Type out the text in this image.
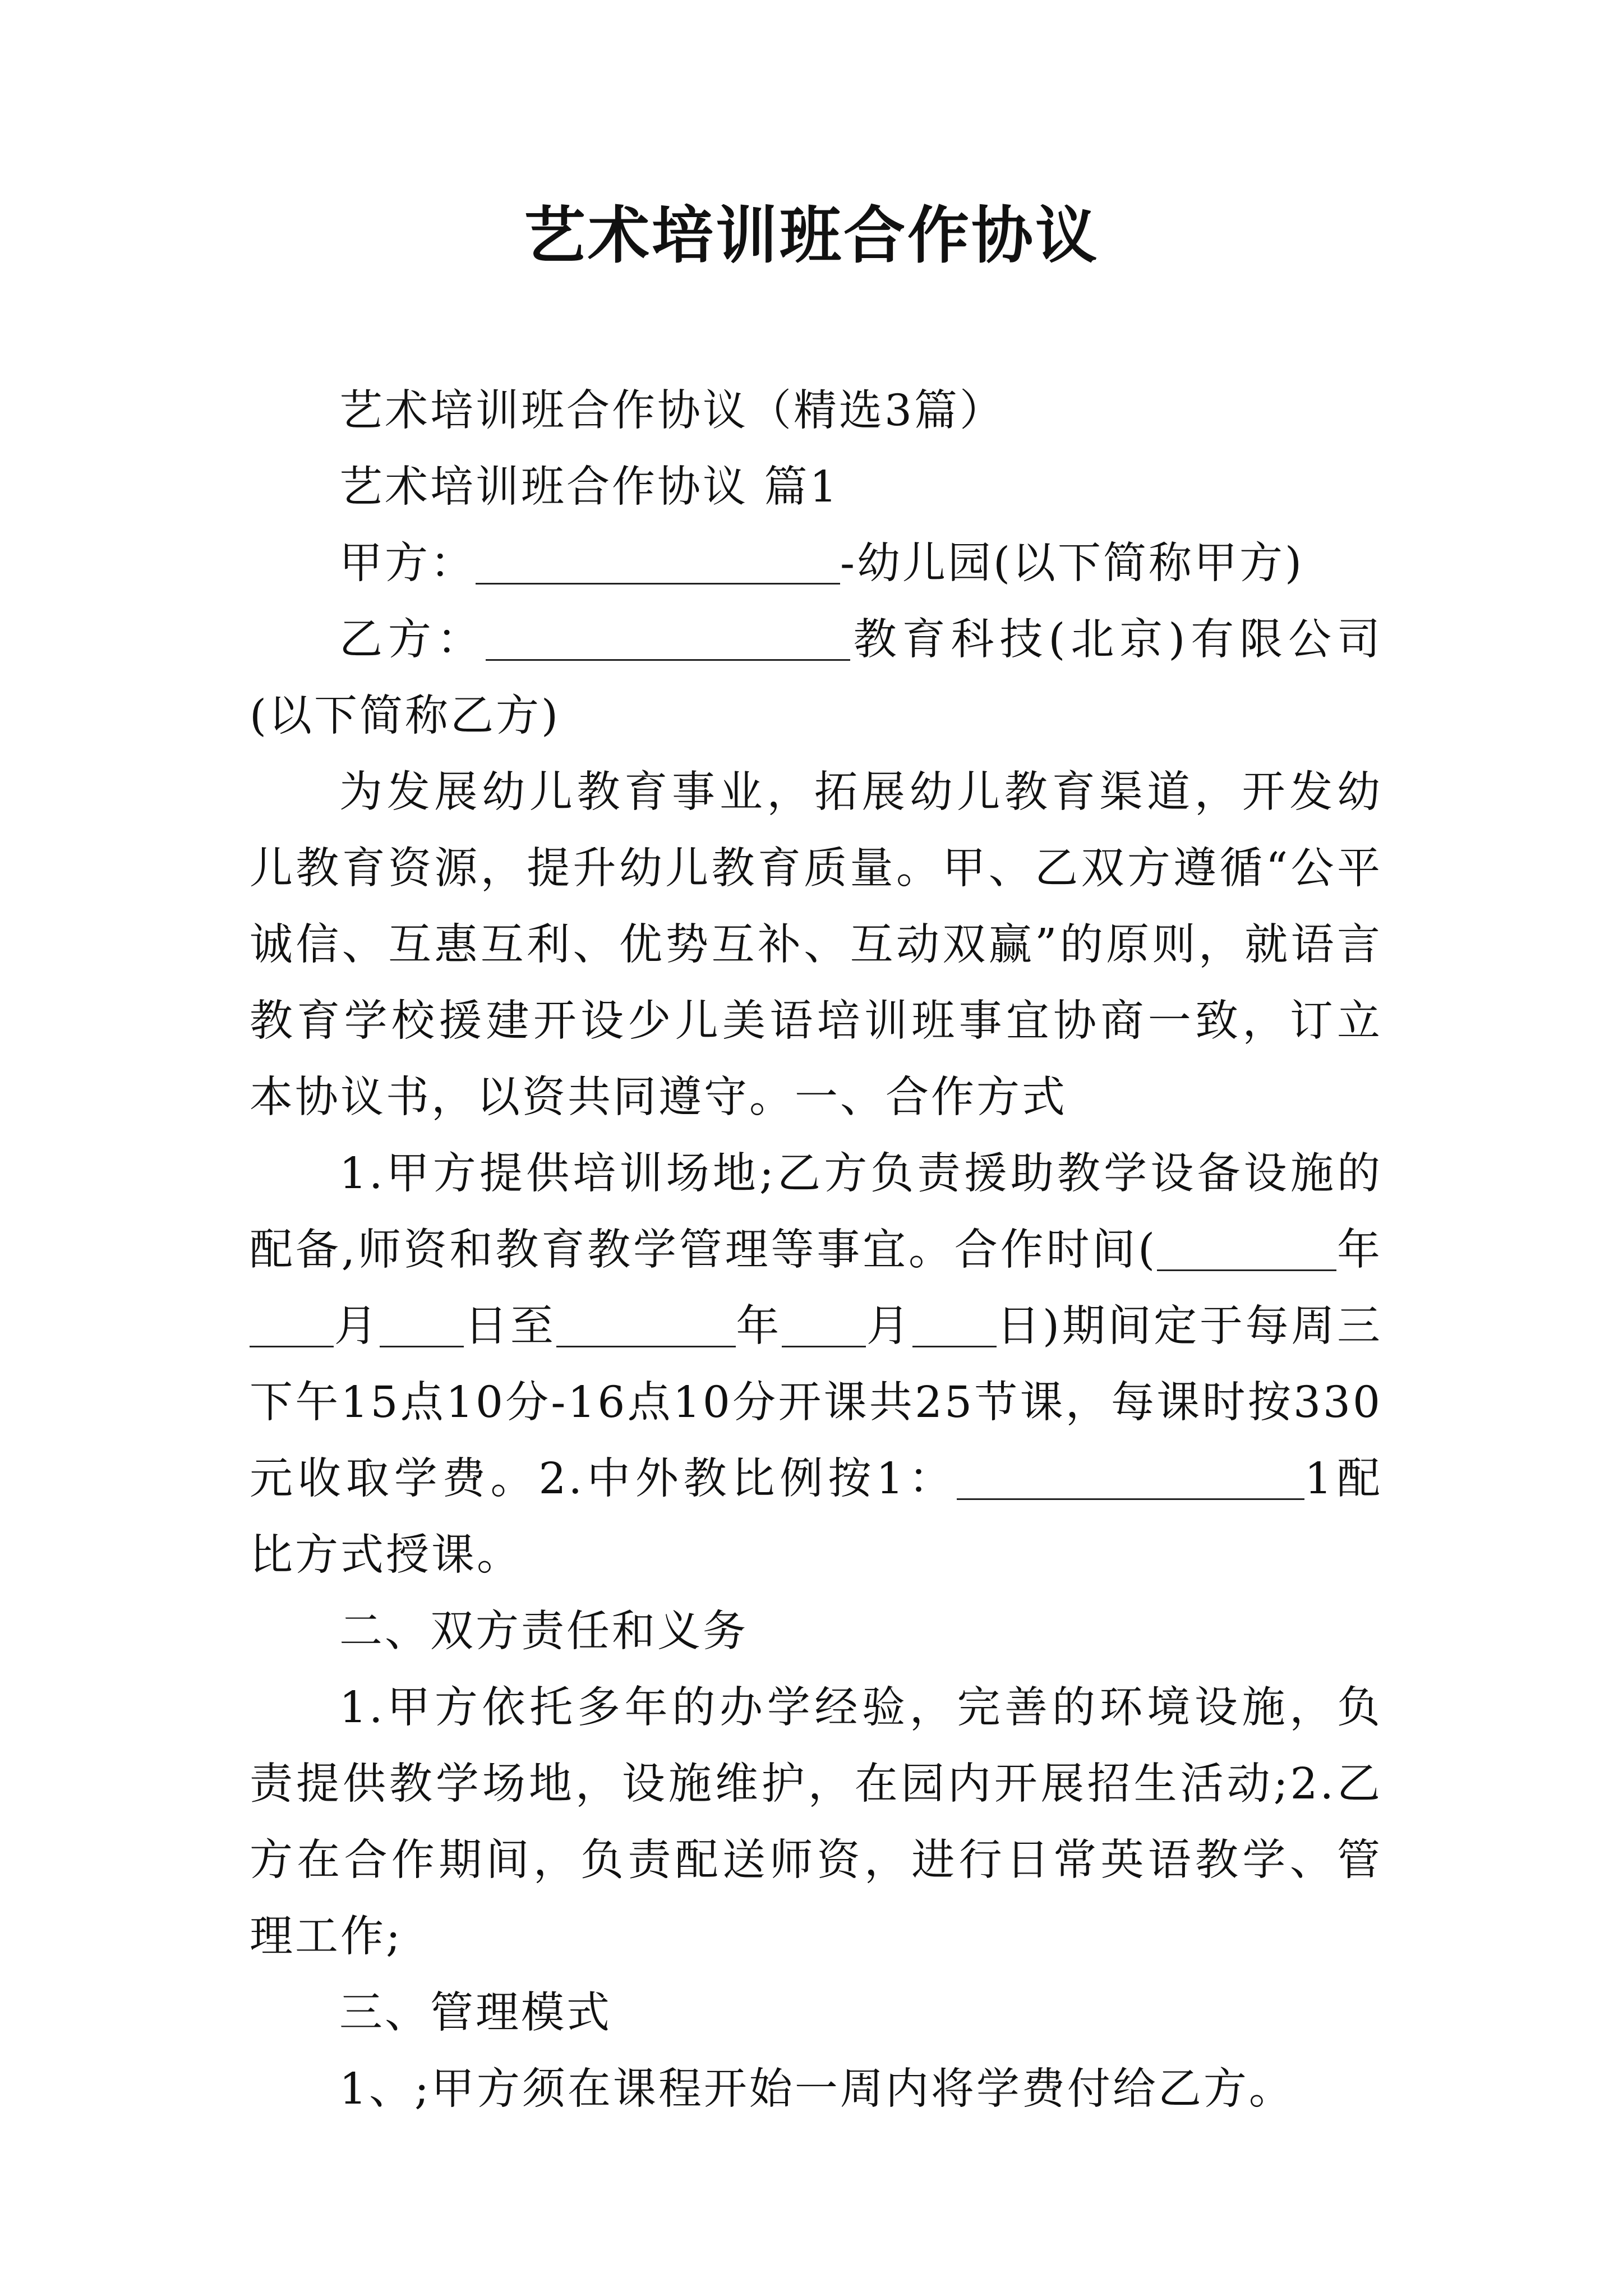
艺术培训班合作协议

艺术培训班合作协议（精选3篇）

艺术培训班合作协议 篇1

甲方：	-幼儿园(以下简称甲方)

乙方：	教育科技(北京)有限公司(以下简称乙方)

为发展幼儿教育事业，拓展幼儿教育渠道，开发幼儿教育资源，提升幼儿教育质量。甲、乙双方遵循“公平诚信、互惠互利、优势互补、互动双赢”的原则，就语言教育学校援建开设少儿美语培训班事宜协商一致，订立本协议书，以资共同遵守。一、合作方式

1.甲方提供培训场地;乙方负责援助教学设备设施的配备,师资和教育教学管理等事宜。合作时间(	年月 日至	年 月 日)期间定于每周三下午15点10分-16点10分开课共25节课，每课时按330元收取学费。2.中外教比例按1：	1配比方式授课。

二、双方责任和义务

1.甲方依托多年的办学经验，完善的环境设施，负责提供教学场地，设施维护，在园内开展招生活动;2.乙方在合作期间，负责配送师资，进行日常英语教学、管理工作;

三、管理模式

1、;甲方须在课程开始一周内将学费付给乙方。
